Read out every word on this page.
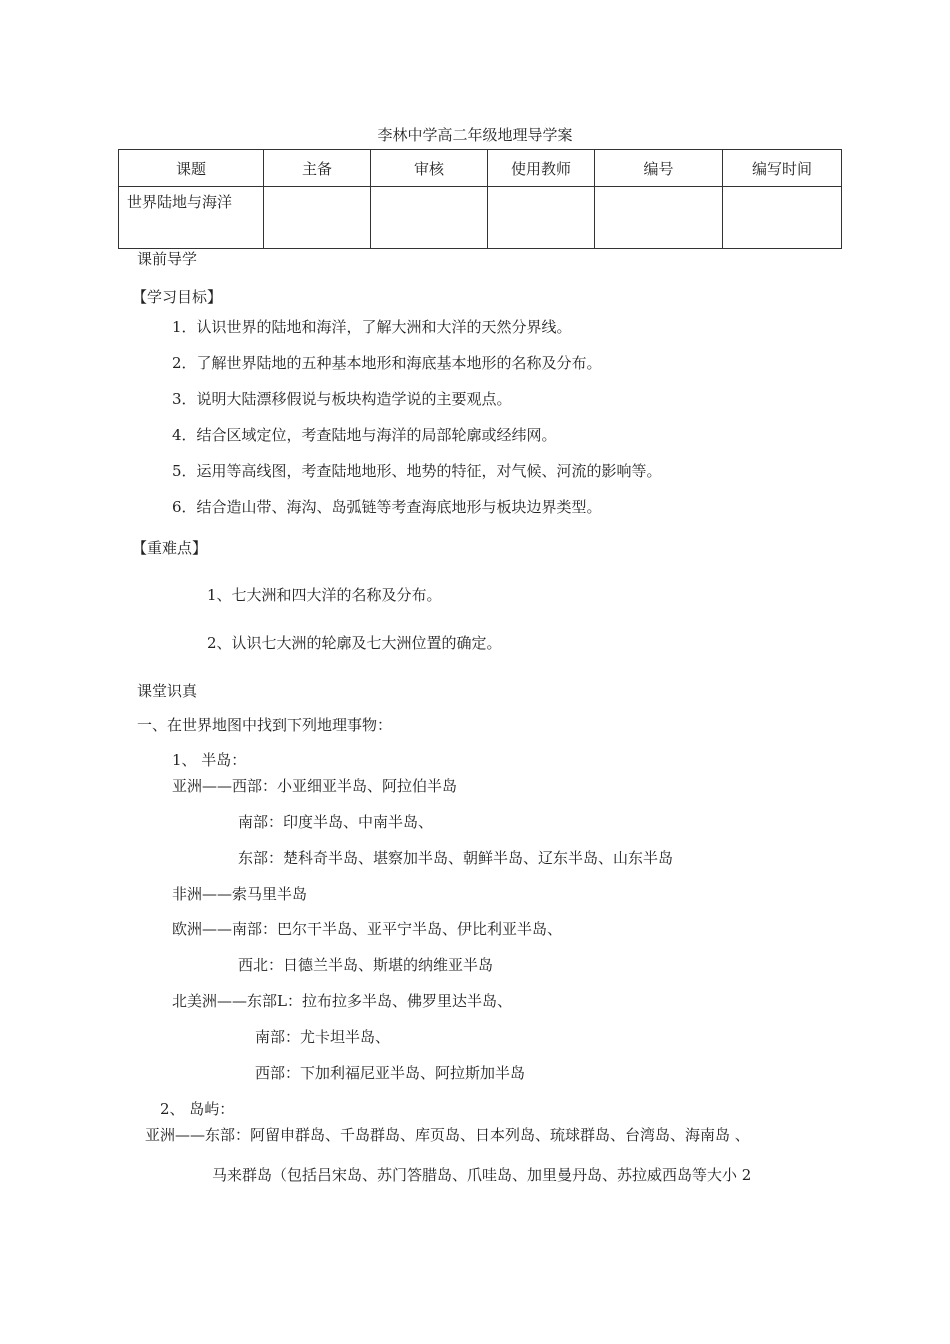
李林中学高二年级地理导学案
课题	主备	审核	使用教师	编号	编写时间
世界陆地与海洋					
课前导学
【学习目标】
1．认识世界的陆地和海洋，了解大洲和大洋的天然分界线。
2．了解世界陆地的五种基本地形和海底基本地形的名称及分布。
3．说明大陆漂移假说与板块构造学说的主要观点。
4．结合区域定位，考查陆地与海洋的局部轮廓或经纬网。
5．运用等高线图，考查陆地地形、地势的特征，对气候、河流的影响等。
6．结合造山带、海沟、岛弧链等考查海底地形与板块边界类型。
【重难点】
1、七大洲和四大洋的名称及分布。
2、认识七大洲的轮廓及七大洲位置的确定。
课堂识真
一、在世界地图中找到下列地理事物：
1、 半岛：
亚洲——西部：小亚细亚半岛、阿拉伯半岛
南部：印度半岛、中南半岛、
东部：楚科奇半岛、堪察加半岛、朝鲜半岛、辽东半岛、山东半岛
非洲——索马里半岛
欧洲——南部：巴尔干半岛、亚平宁半岛、伊比利亚半岛、
西北：日德兰半岛、斯堪的纳维亚半岛
北美洲——东部L：拉布拉多半岛、佛罗里达半岛、
南部：尤卡坦半岛、
西部：下加利福尼亚半岛、阿拉斯加半岛
2、 岛屿：
亚洲——东部：阿留申群岛、千岛群岛、库页岛、日本列岛、琉球群岛、台湾岛、海南岛 、
马来群岛（包括吕宋岛、苏门答腊岛、爪哇岛、加里曼丹岛、苏拉威西岛等大小 2
